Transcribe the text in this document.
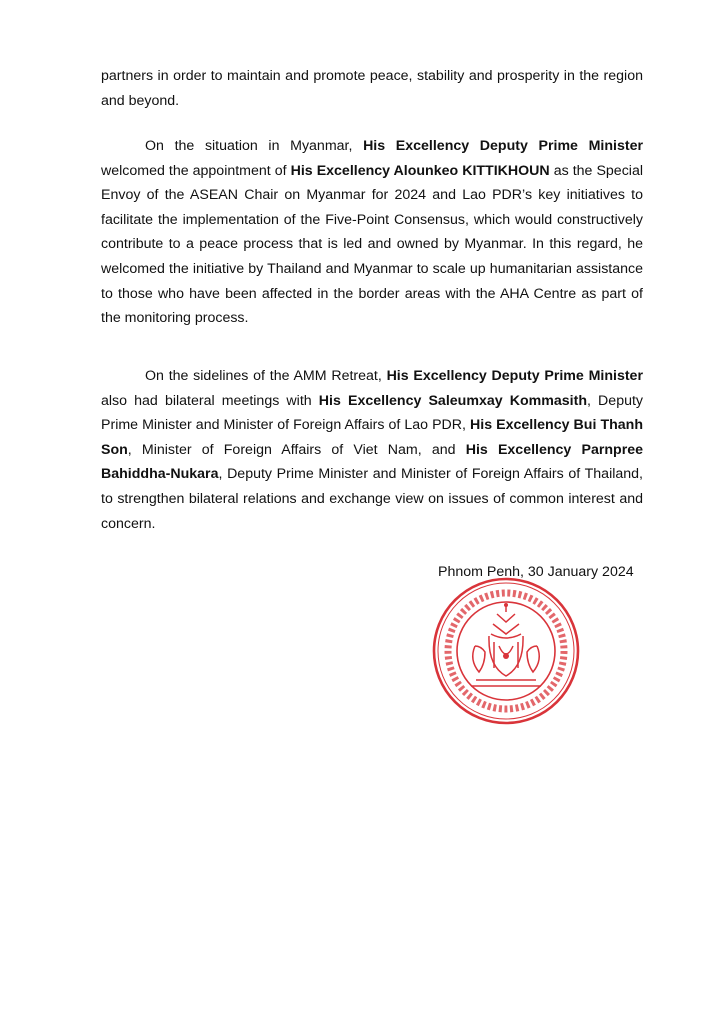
partners in order to maintain and promote peace, stability and prosperity in the region and beyond.

On the situation in Myanmar, His Excellency Deputy Prime Minister welcomed the appointment of His Excellency Alounkeo KITTIKHOUN as the Special Envoy of the ASEAN Chair on Myanmar for 2024 and Lao PDR’s key initiatives to facilitate the implementation of the Five-Point Consensus, which would constructively contribute to a peace process that is led and owned by Myanmar. In this regard, he welcomed the initiative by Thailand and Myanmar to scale up humanitarian assistance to those who have been affected in the border areas with the AHA Centre as part of the monitoring process.

On the sidelines of the AMM Retreat, His Excellency Deputy Prime Minister also had bilateral meetings with His Excellency Saleumxay Kommasith, Deputy Prime Minister and Minister of Foreign Affairs of Lao PDR, His Excellency Bui Thanh Son, Minister of Foreign Affairs of Viet Nam, and His Excellency Parnpree Bahiddha-Nukara, Deputy Prime Minister and Minister of Foreign Affairs of Thailand, to strengthen bilateral relations and exchange view on issues of common interest and concern.

Phnom Penh, 30 January 2024
